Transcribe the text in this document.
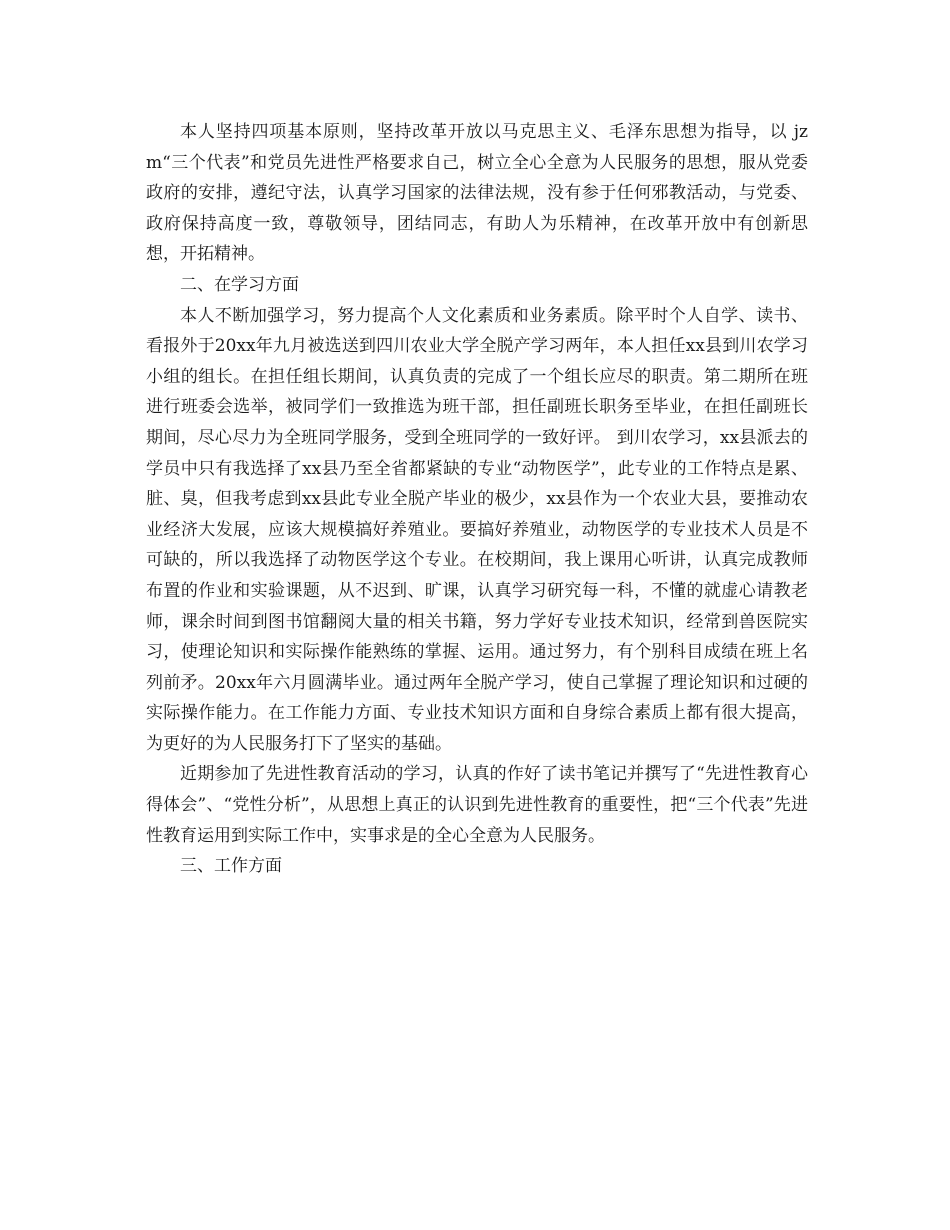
本人坚持四项基本原则，坚持改革开放以马克思主义、毛泽东思想为指导，以 jzm“三个代表”和党员先进性严格要求自己，树立全心全意为人民服务的思想，服从党委政府的安排，遵纪守法，认真学习国家的法律法规，没有参于任何邪教活动，与党委、政府保持高度一致，尊敬领导，团结同志，有助人为乐精神，在改革开放中有创新思想，开拓精神。

二、在学习方面

本人不断加强学习，努力提高个人文化素质和业务素质。除平时个人自学、读书、看报外于20xx年九月被选送到四川农业大学全脱产学习两年，本人担任xx县到川农学习小组的组长。在担任组长期间，认真负责的完成了一个组长应尽的职责。第二期所在班进行班委会选举，被同学们一致推选为班干部，担任副班长职务至毕业，在担任副班长期间，尽心尽力为全班同学服务，受到全班同学的一致好评。 到川农学习，xx县派去的学员中只有我选择了xx县乃至全省都紧缺的专业“动物医学”，此专业的工作特点是累、脏、臭，但我考虑到xx县此专业全脱产毕业的极少，xx县作为一个农业大县，要推动农业经济大发展，应该大规模搞好养殖业。要搞好养殖业，动物医学的专业技术人员是不可缺的，所以我选择了动物医学这个专业。在校期间，我上课用心听讲，认真完成教师布置的作业和实验课题，从不迟到、旷课，认真学习研究每一科，不懂的就虚心请教老师，课余时间到图书馆翻阅大量的相关书籍，努力学好专业技术知识，经常到兽医院实习，使理论知识和实际操作能熟练的掌握、运用。通过努力，有个别科目成绩在班上名列前矛。20xx年六月圆满毕业。通过两年全脱产学习，使自己掌握了理论知识和过硬的实际操作能力。在工作能力方面、专业技术知识方面和自身综合素质上都有很大提高，为更好的为人民服务打下了坚实的基础。

近期参加了先进性教育活动的学习，认真的作好了读书笔记并撰写了“先进性教育心得体会”、“党性分析”，从思想上真正的认识到先进性教育的重要性，把“三个代表”先进性教育运用到实际工作中，实事求是的全心全意为人民服务。

三、工作方面
